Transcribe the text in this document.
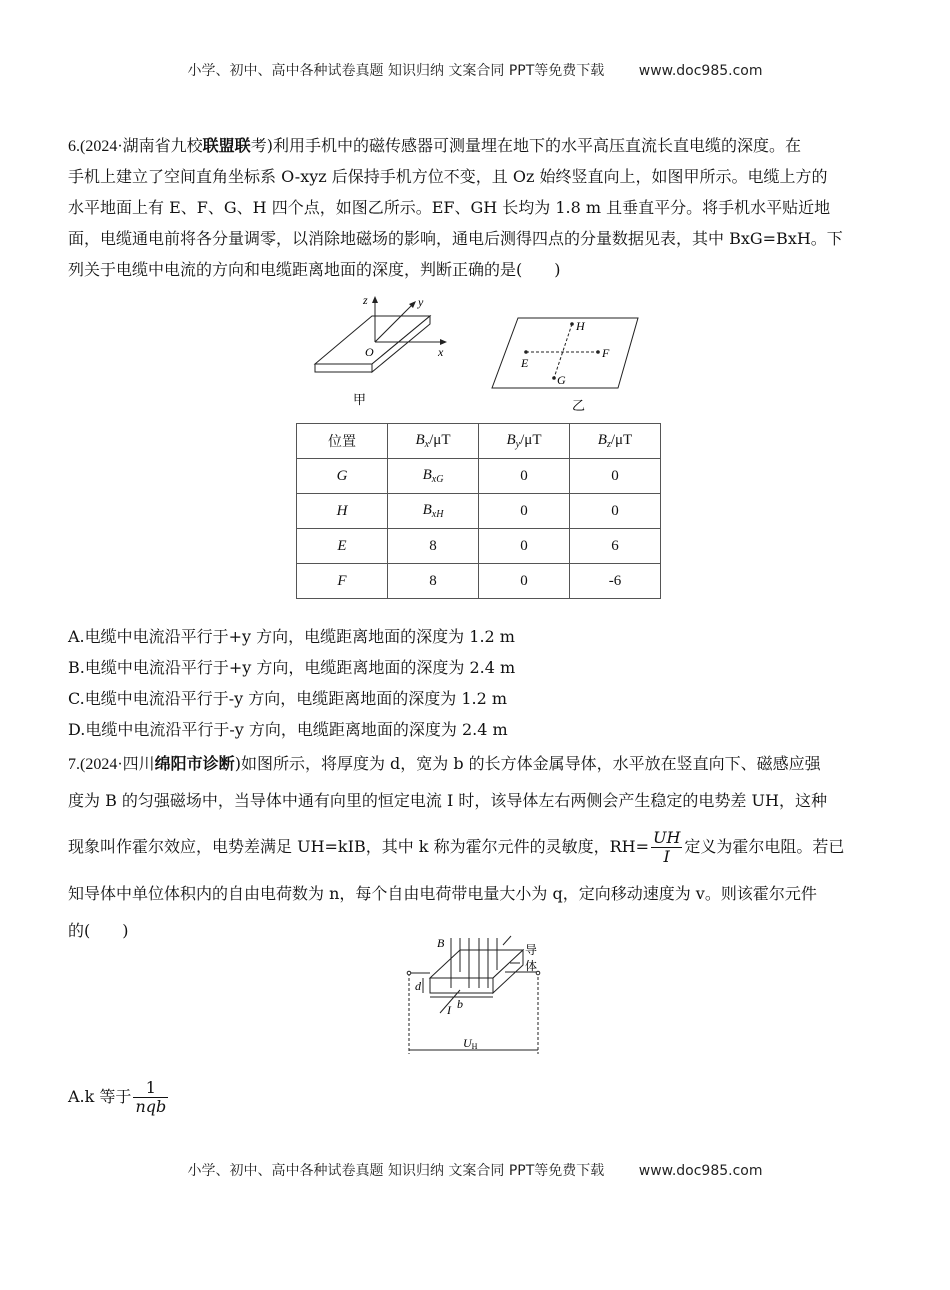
小学、初中、高中各种试卷真题 知识归纳 文案合同 PPT等免费下载 www.doc985.com
6.(2024·湖南省九校联盟联考)利用手机中的磁传感器可测量埋在地下的水平高压直流长直电缆的深度。在
手机上建立了空间直角坐标系 O-xyz 后保持手机方位不变，且 Oz 始终竖直向上，如图甲所示。电缆上方的
水平地面上有 E、F、G、H 四个点，如图乙所示。EF、GH 长均为 1.8 m 且垂直平分。将手机水平贴近地
面，电缆通电前将各分量调零，以消除地磁场的影响，通电后测得四点的分量数据见表，其中 BxG=BxH。下
列关于电缆中电流的方向和电缆距离地面的深度，判断正确的是(　　)
z	y
x
O
甲
E
F
H
G
乙
位置	$B_x/\mu T$	$B_y/\mu T$	$B_z/\mu T$
G	$B_{xG}$	0	0
H	$B_{xH}$	0	0
E	8	0	6
F	8	0	-6
A.电缆中电流沿平行于+y 方向，电缆距离地面的深度为 1.2 m
B.电缆中电流沿平行于+y 方向，电缆距离地面的深度为 2.4 m
C.电缆中电流沿平行于-y 方向，电缆距离地面的深度为 1.2 m
D.电缆中电流沿平行于-y 方向，电缆距离地面的深度为 2.4 m
7.(2024·四川绵阳市诊断)如图所示，将厚度为 d，宽为 b 的长方体金属导体，水平放在竖直向下、磁感应强
度为 B 的匀强磁场中，当导体中通有向里的恒定电流 I 时，该导体左右两侧会产生稳定的电势差 UH，这种
现象叫作霍尔效应，电势差满足 UH=kIB，其中 k 称为霍尔元件的灵敏度，$RH= \frac{UH}{I}$ 定义为霍尔电阻。若已
知导体中单位体积内的自由电荷数为 n，每个自由电荷带电量大小为 q，定向移动速度为 v。则该霍尔元件
的(　　)
B	导
体
d
I b
UH
A.k 等于 $\frac{1}{\text{nqb}}$
小学、初中、高中各种试卷真题 知识归纳 文案合同 PPT等免费下载 www.doc985.com
